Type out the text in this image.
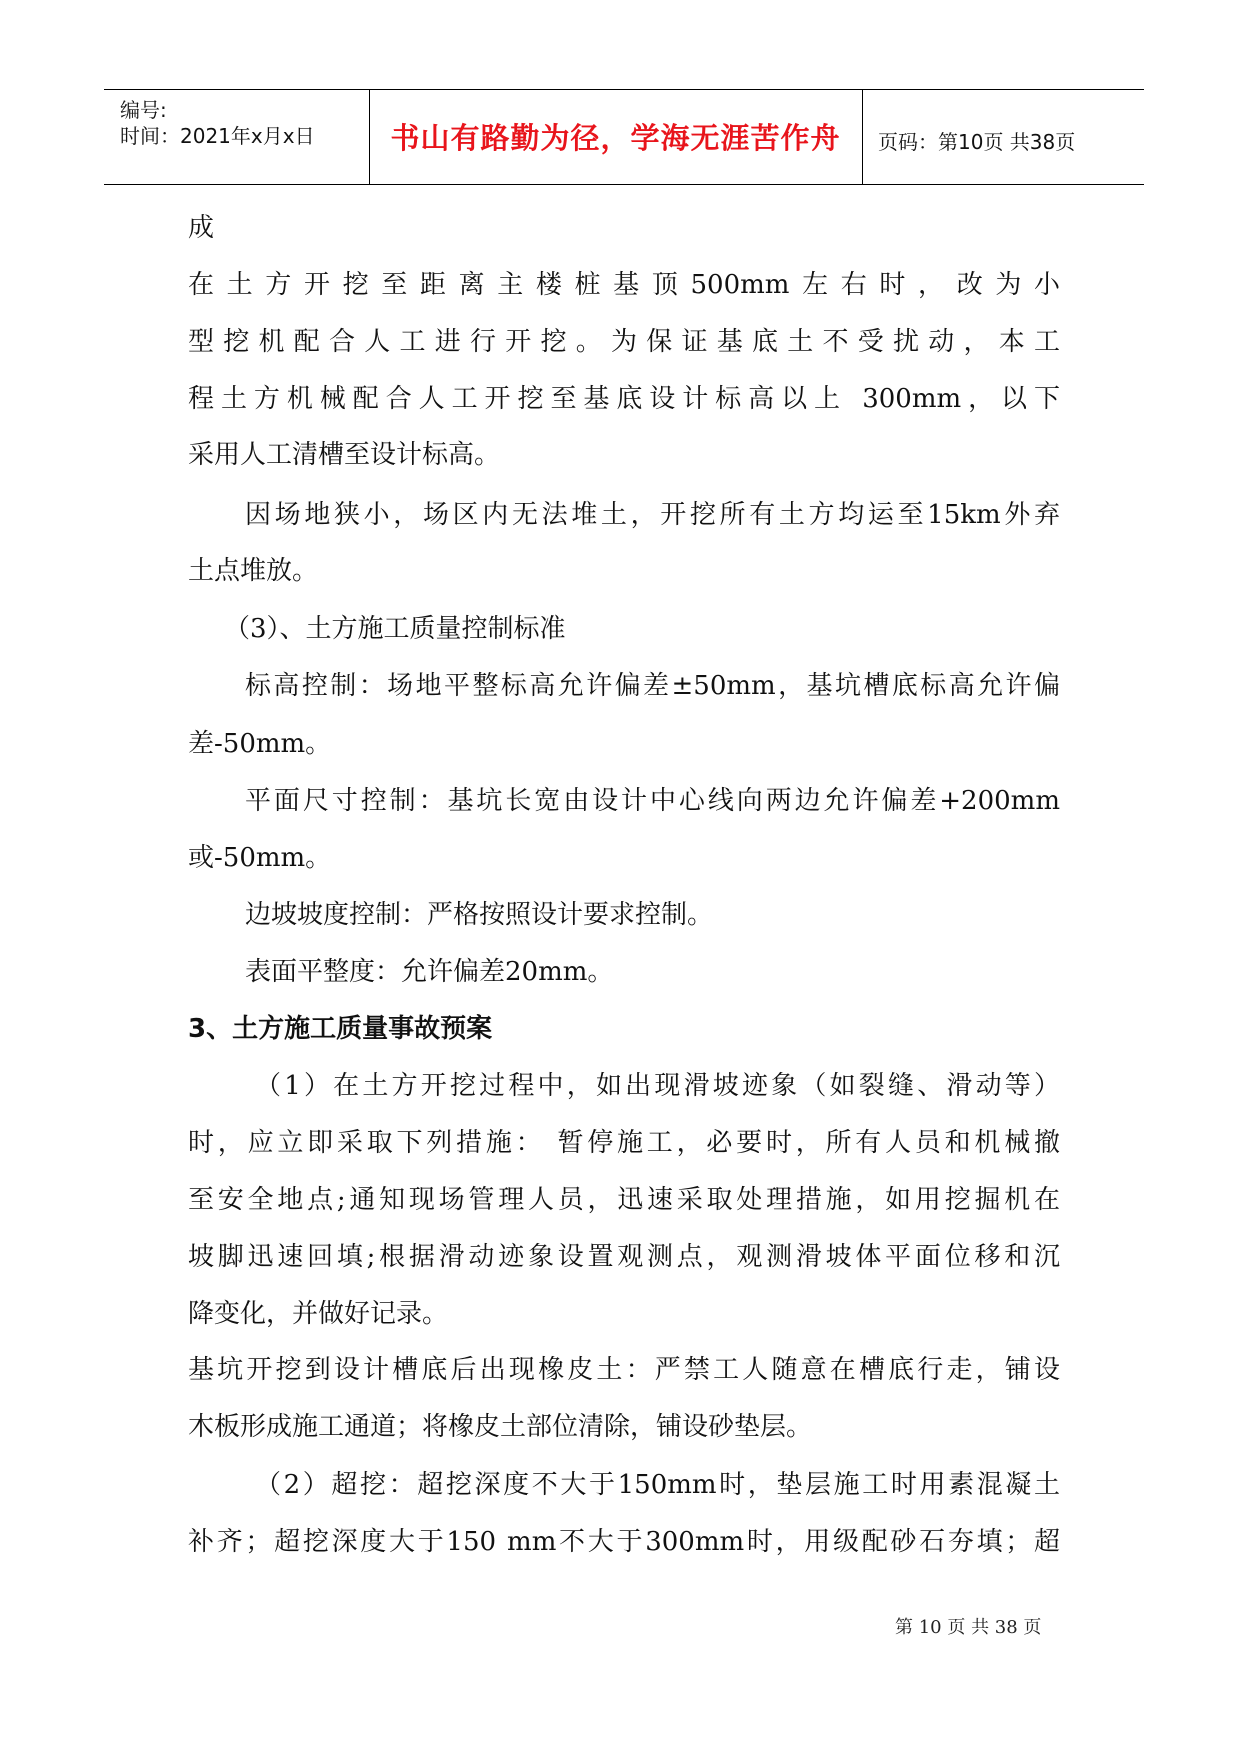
编号:
时间：2021年x月x日	书山有路勤为径，学海无涯苦作舟	页码：第10页 共38页
成
在土方开挖至距离主楼桩基顶500mm左右时，改为小
型挖机配合人工进行开挖。为保证基底土不受扰动，本工
程土方机械配合人工开挖至基底设计标高以上 300mm，以下
采用人工清槽至设计标高。
因场地狭小，场区内无法堆土，开挖所有土方均运至15km外弃
土点堆放。
（3）、土方施工质量控制标准
标高控制：场地平整标高允许偏差±50mm，基坑槽底标高允许偏
差-50mm。
平面尺寸控制：基坑长宽由设计中心线向两边允许偏差+200mm
或-50mm。
边坡坡度控制：严格按照设计要求控制。
表面平整度：允许偏差20mm。
3、土方施工质量事故预案
（1）在土方开挖过程中，如出现滑坡迹象（如裂缝、滑动等）
时，应立即采取下列措施： 暂停施工，必要时，所有人员和机械撤
至安全地点;通知现场管理人员，迅速采取处理措施，如用挖掘机在
坡脚迅速回填;根据滑动迹象设置观测点，观测滑坡体平面位移和沉
降变化，并做好记录。
基坑开挖到设计槽底后出现橡皮土：严禁工人随意在槽底行走，铺设
木板形成施工通道；将橡皮土部位清除，铺设砂垫层。
（2）超挖：超挖深度不大于150mm时，垫层施工时用素混凝土
补齐；超挖深度大于150 mm不大于300mm时，用级配砂石夯填；超
第 10 页 共 38 页
